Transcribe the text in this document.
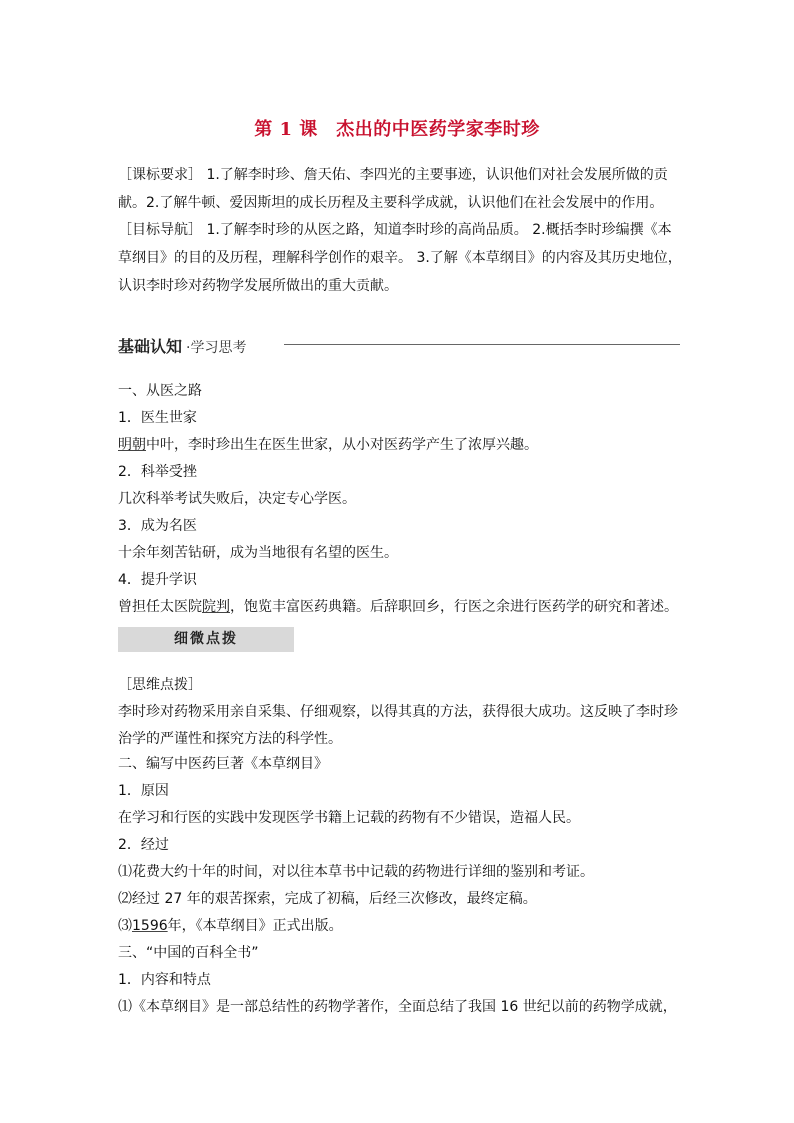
第 1 课　杰出的中医药学家李时珍
［课标要求］ 1.了解李时珍、詹天佑、李四光的主要事迹，认识他们对社会发展所做的贡
献。2.了解牛顿、爱因斯坦的成长历程及主要科学成就，认识他们在社会发展中的作用。
［目标导航］ 1.了解李时珍的从医之路，知道李时珍的高尚品质。 2.概括李时珍编撰《本
草纲目》的目的及历程，理解科学创作的艰辛。 3.了解《本草纲目》的内容及其历史地位，
认识李时珍对药物学发展所做出的重大贡献。
基础认知 ·学习思考
一、从医之路
1．医生世家
明朝中叶，李时珍出生在医生世家，从小对医药学产生了浓厚兴趣。
2．科举受挫
几次科举考试失败后，决定专心学医。
3．成为名医
十余年刻苦钻研，成为当地很有名望的医生。
4．提升学识
曾担任太医院院判，饱览丰富医药典籍。后辞职回乡，行医之余进行医药学的研究和著述。
细微点拨
［思维点拨］
李时珍对药物采用亲自采集、仔细观察，以得其真的方法，获得很大成功。这反映了李时珍
治学的严谨性和探究方法的科学性。
二、编写中医药巨著《本草纲目》
1．原因
在学习和行医的实践中发现医学书籍上记载的药物有不少错误，造福人民。
2．经过
⑴花费大约十年的时间，对以往本草书中记载的药物进行详细的鉴别和考证。
⑵经过 27 年的艰苦探索，完成了初稿，后经三次修改，最终定稿。
⑶1596年，《本草纲目》正式出版。
三、“中国的百科全书”
1．内容和特点
⑴《本草纲目》是一部总结性的药物学著作，全面总结了我国 16 世纪以前的药物学成就，
